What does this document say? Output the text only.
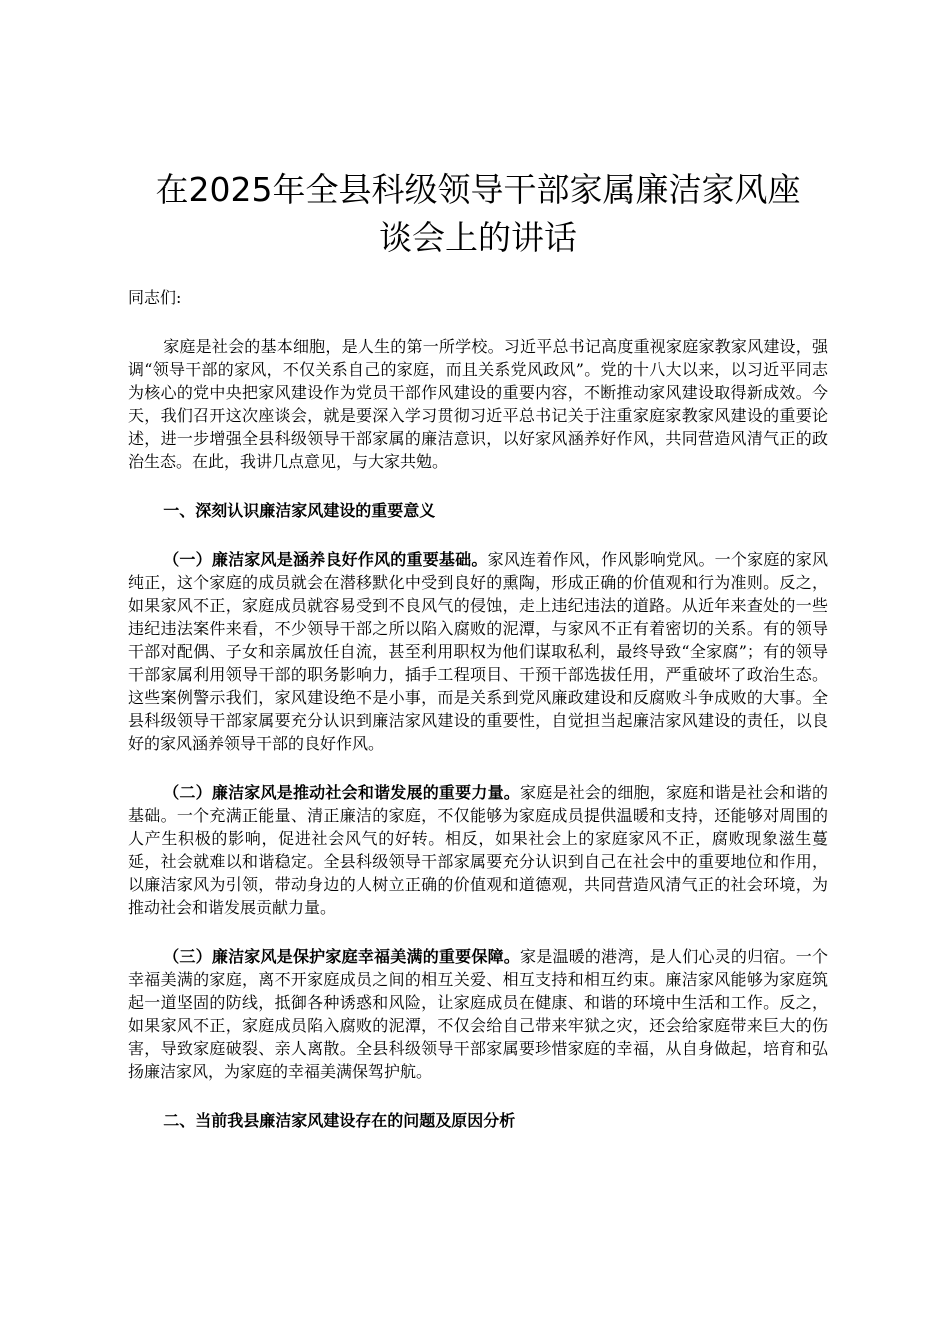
在2025年全县科级领导干部家属廉洁家风座
谈会上的讲话
同志们:

家庭是社会的基本细胞，是人生的第一所学校。习近平总书记高度重视家庭家教家风建设，强调“领导干部的家风，不仅关系自己的家庭，而且关系党风政风”。党的十八大以来，以习近平同志为核心的党中央把家风建设作为党员干部作风建设的重要内容，不断推动家风建设取得新成效。今天，我们召开这次座谈会，就是要深入学习贯彻习近平总书记关于注重家庭家教家风建设的重要论述，进一步增强全县科级领导干部家属的廉洁意识，以好家风涵养好作风，共同营造风清气正的政治生态。在此，我讲几点意见，与大家共勉。

一、深刻认识廉洁家风建设的重要意义

（一）廉洁家风是涵养良好作风的重要基础。家风连着作风，作风影响党风。一个家庭的家风纯正，这个家庭的成员就会在潜移默化中受到良好的熏陶，形成正确的价值观和行为准则。反之，如果家风不正，家庭成员就容易受到不良风气的侵蚀，走上违纪违法的道路。从近年来查处的一些违纪违法案件来看，不少领导干部之所以陷入腐败的泥潭，与家风不正有着密切的关系。有的领导干部对配偶、子女和亲属放任自流，甚至利用职权为他们谋取私利，最终导致“全家腐”；有的领导干部家属利用领导干部的职务影响力，插手工程项目、干预干部选拔任用，严重破坏了政治生态。这些案例警示我们，家风建设绝不是小事，而是关系到党风廉政建设和反腐败斗争成败的大事。全县科级领导干部家属要充分认识到廉洁家风建设的重要性，自觉担当起廉洁家风建设的责任，以良好的家风涵养领导干部的良好作风。

（二）廉洁家风是推动社会和谐发展的重要力量。家庭是社会的细胞，家庭和谐是社会和谐的基础。一个充满正能量、清正廉洁的家庭，不仅能够为家庭成员提供温暖和支持，还能够对周围的人产生积极的影响，促进社会风气的好转。相反，如果社会上的家庭家风不正，腐败现象滋生蔓延，社会就难以和谐稳定。全县科级领导干部家属要充分认识到自己在社会中的重要地位和作用，以廉洁家风为引领，带动身边的人树立正确的价值观和道德观，共同营造风清气正的社会环境，为推动社会和谐发展贡献力量。

（三）廉洁家风是保护家庭幸福美满的重要保障。家是温暖的港湾，是人们心灵的归宿。一个幸福美满的家庭，离不开家庭成员之间的相互关爱、相互支持和相互约束。廉洁家风能够为家庭筑起一道坚固的防线，抵御各种诱惑和风险，让家庭成员在健康、和谐的环境中生活和工作。反之，如果家风不正，家庭成员陷入腐败的泥潭，不仅会给自己带来牢狱之灾，还会给家庭带来巨大的伤害，导致家庭破裂、亲人离散。全县科级领导干部家属要珍惜家庭的幸福，从自身做起，培育和弘扬廉洁家风，为家庭的幸福美满保驾护航。

二、当前我县廉洁家风建设存在的问题及原因分析
